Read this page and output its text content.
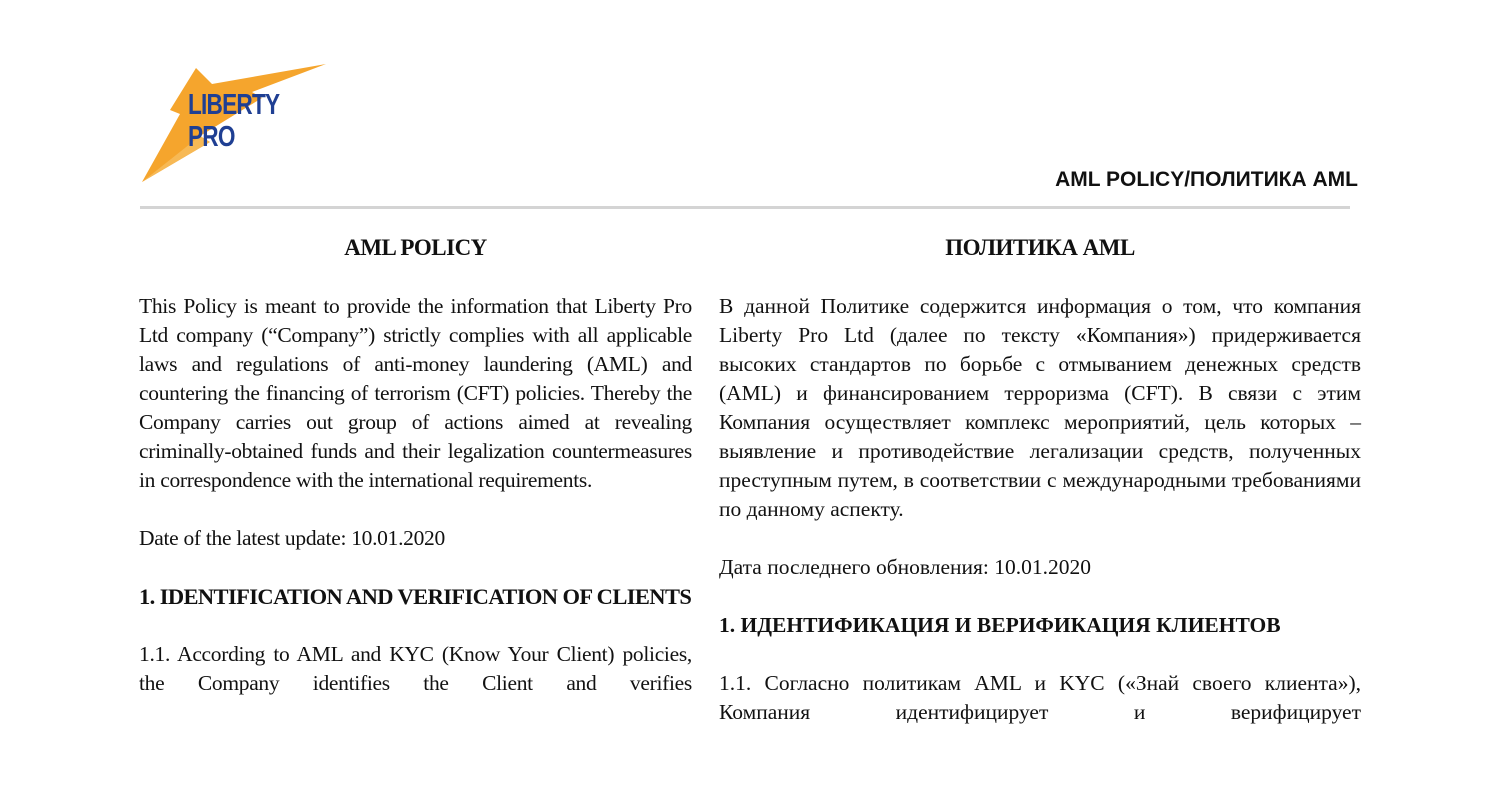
LIBERTY
PRO
AML POLICY/ПОЛИТИКА AML
AML POLICY

This Policy is meant to provide the information that Liberty Pro Ltd company (“Company”) strictly complies with all applicable laws and regulations of anti-money laundering (AML) and countering the financing of terrorism (CFT) policies. Thereby the Company carries out group of actions aimed at revealing criminally-obtained funds and their legalization countermeasures in correspondence with the international requirements.

Date of the latest update: 10.01.2020

1. IDENTIFICATION AND VERIFICATION OF CLIENTS

1.1. According to AML and KYC (Know Your Client) policies, the Company identifies the Client and verifies

ПОЛИТИКА AML

В данной Политике содержится информация о том, что компания Liberty Pro Ltd (далее по тексту «Компания») придерживается высоких стандартов по борьбе с отмыванием денежных средств (AML) и финансированием терроризма (CFT). В связи с этим Компания осуществляет комплекс мероприятий, цель которых – выявление и противодействие легализации средств, полученных преступным путем, в соответствии с международными требованиями по данному аспекту.

Дата последнего обновления: 10.01.2020

1. ИДЕНТИФИКАЦИЯ И ВЕРИФИКАЦИЯ КЛИЕНТОВ

1.1. Согласно политикам AML и KYC («Знай своего клиента»), Компания идентифицирует и верифицирует
